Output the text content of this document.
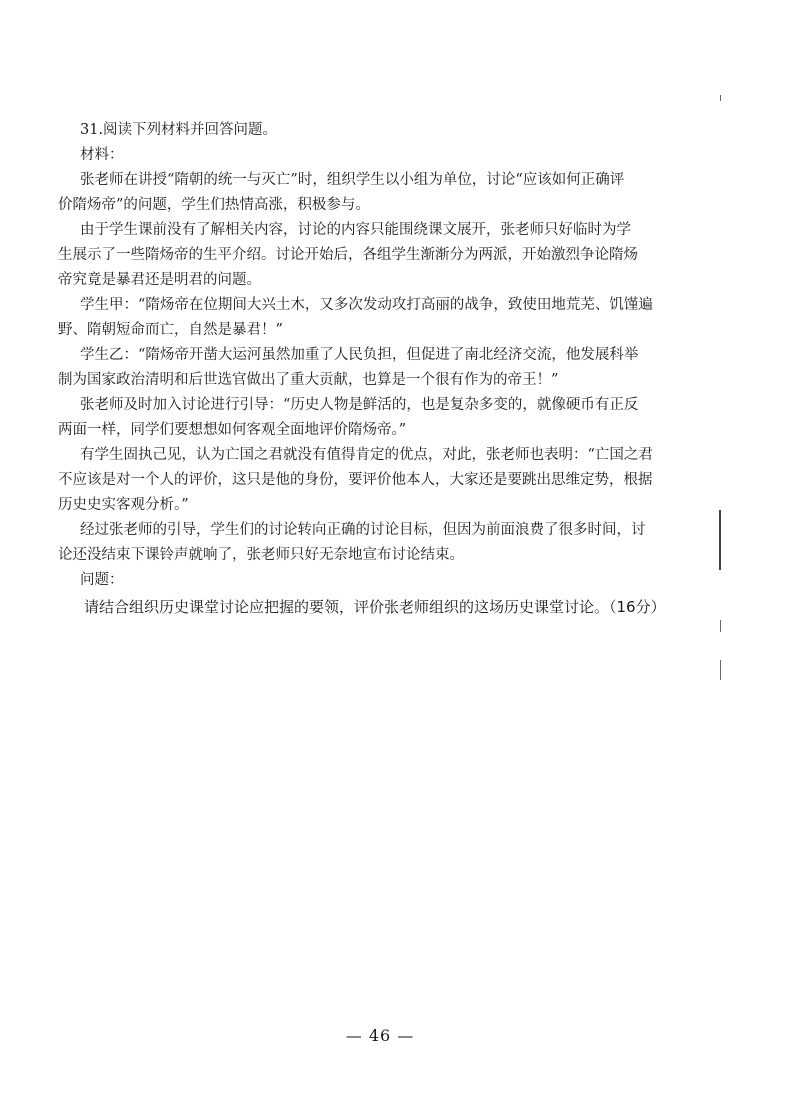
31.阅读下列材料并回答问题。
材料：
张老师在讲授“隋朝的统一与灭亡”时，组织学生以小组为单位，讨论“应该如何正确评
价隋炀帝”的问题，学生们热情高涨，积极参与。
由于学生课前没有了解相关内容，讨论的内容只能围绕课文展开，张老师只好临时为学
生展示了一些隋炀帝的生平介绍。讨论开始后，各组学生渐渐分为两派，开始激烈争论隋炀
帝究竟是暴君还是明君的问题。
学生甲：“隋炀帝在位期间大兴土木，又多次发动攻打高丽的战争，致使田地荒芜、饥馑遍
野、隋朝短命而亡，自然是暴君！”
学生乙：“隋炀帝开凿大运河虽然加重了人民负担，但促进了南北经济交流，他发展科举
制为国家政治清明和后世选官做出了重大贡献，也算是一个很有作为的帝王！”
张老师及时加入讨论进行引导：“历史人物是鲜活的，也是复杂多变的，就像硬币有正反
两面一样，同学们要想想如何客观全面地评价隋炀帝。”
有学生固执己见，认为亡国之君就没有值得肯定的优点，对此，张老师也表明：“亡国之君
不应该是对一个人的评价，这只是他的身份，要评价他本人，大家还是要跳出思维定势，根据
历史史实客观分析。”
经过张老师的引导，学生们的讨论转向正确的讨论目标，但因为前面浪费了很多时间，讨
论还没结束下课铃声就响了，张老师只好无奈地宣布讨论结束。
问题：
请结合组织历史课堂讨论应把握的要领，评价张老师组织的这场历史课堂讨论。（16分）
— 46 —
